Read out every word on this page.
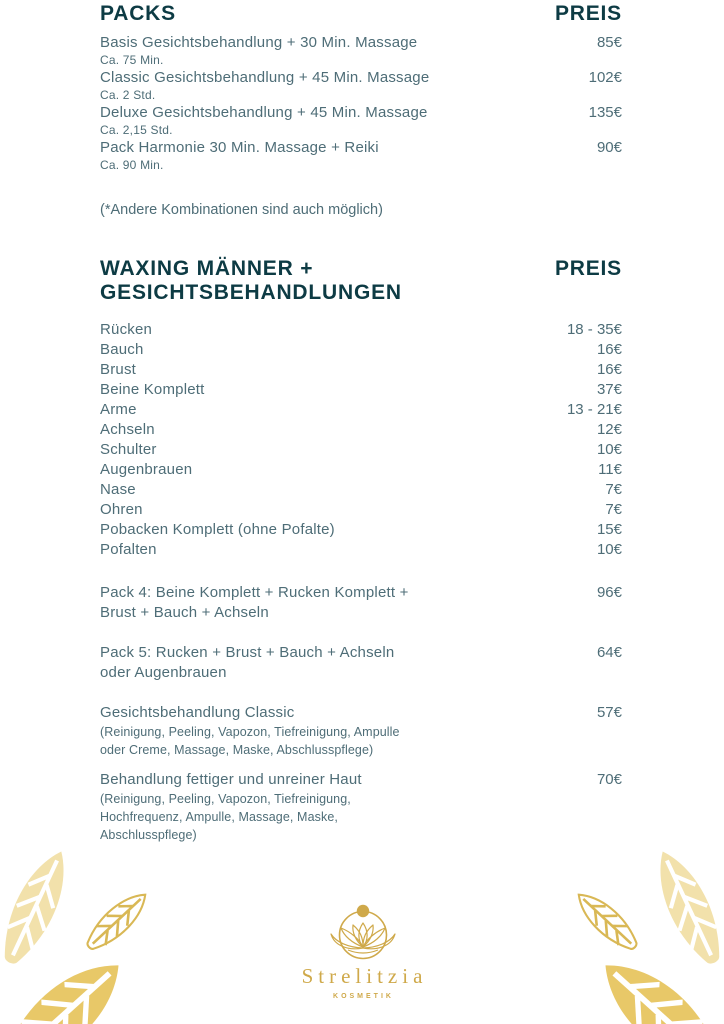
PACKS	PREIS
Basis Gesichtsbehandlung + 30 Min. Massage	85€
Ca. 75 Min.
Classic Gesichtsbehandlung + 45 Min. Massage	102€
Ca. 2 Std.
Deluxe Gesichtsbehandlung + 45 Min. Massage	135€
Ca. 2,15 Std.
Pack Harmonie 30 Min. Massage + Reiki	90€
Ca. 90 Min.
(*Andere Kombinationen sind auch möglich)
WAXING MÄNNER +
GESICHTSBEHANDLUNGEN
PREIS
Rücken	18 - 35€
Bauch	16€
Brust	16€
Beine Komplett	37€
Arme	13 - 21€
Achseln	12€
Schulter	10€
Augenbrauen	11€
Nase	7€
Ohren	7€
Pobacken Komplett (ohne Pofalte)	15€
Pofalten	10€
Pack 4: Beine Komplett + Rucken Komplett +
Brust + Bauch + Achseln
96€
Pack 5: Rucken + Brust + Bauch + Achseln
oder Augenbrauen
64€
Gesichtsbehandlung Classic
(Reinigung, Peeling, Vapozon, Tiefreinigung, Ampulle
oder Creme, Massage, Maske, Abschlusspflege)
57€
Behandlung fettiger und unreiner Haut
(Reinigung, Peeling, Vapozon, Tiefreinigung,
Hochfrequenz, Ampulle, Massage, Maske,
Abschlusspflege)
70€
Strelitzia
KOSMETIK
